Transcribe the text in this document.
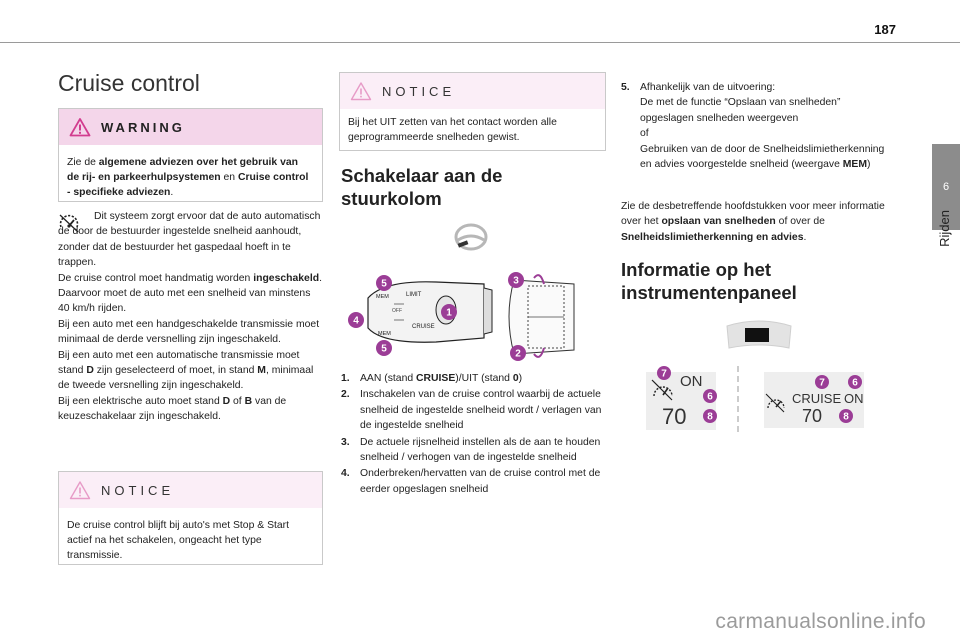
187
6
Rijden
Cruise control
WARNING
Zie de algemene adviezen over het gebruik van de rij- en parkeerhulpsystemen en Cruise control - specifieke adviezen.
Dit systeem zorgt ervoor dat de auto automatisch de door de bestuurder ingestelde snelheid aanhoudt, zonder dat de bestuurder het gaspedaal hoeft in te trappen.
De cruise control moet handmatig worden ingeschakeld.
Daarvoor moet de auto met een snelheid van minstens 40 km/h rijden.
Bij een auto met een handgeschakelde transmissie moet minimaal de derde versnelling zijn ingeschakeld.
Bij een auto met een automatische transmissie moet stand D zijn geselecteerd of moet, in stand M, minimaal de tweede versnelling zijn ingeschakeld.
Bij een elektrische auto moet stand D of B van de keuzeschakelaar zijn ingeschakeld.
NOTICE
De cruise control blijft bij auto's met Stop & Start actief na het schakelen, ongeacht het type transmissie.
NOTICE
Bij het UIT zetten van het contact worden alle geprogrammeerde snelheden gewist.
Schakelaar aan de stuurkolom
LIMIT
MEM
MEM
CRUISE
OFF	1
2
3
4
5
5
1. AAN (stand CRUISE)/UIT (stand 0)
2. Inschakelen van de cruise control waarbij de actuele snelheid de ingestelde snelheid wordt / verlagen van de ingestelde snelheid
3. De actuele rijsnelheid instellen als de aan te houden snelheid / verhogen van de ingestelde snelheid
4. Onderbreken/hervatten van de cruise control met de eerder opgeslagen snelheid
5. Afhankelijk van de uitvoering:
De met de functie “Opslaan van snelheden” opgeslagen snelheden weergeven
of
Gebruiken van de door de Snelheidslimietherkenning en advies voorgestelde snelheid (weergave MEM)
Zie de desbetreffende hoofdstukken voor meer informatie over het opslaan van snelheden of over de Snelheidslimietherkenning en advies.
Informatie op het instrumentenpaneel
ON
70
7
6
8
CRUISE ON
70
7	6
8
carmanualsonline.info
